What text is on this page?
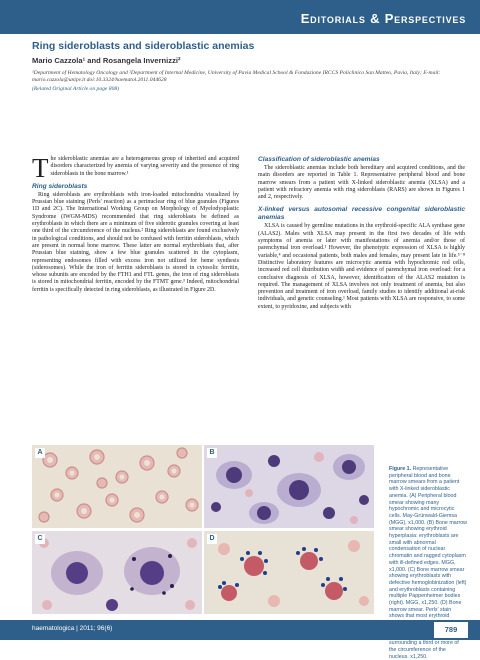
Editorials & Perspectives
Ring sideroblasts and sideroblastic anemias
Mario Cazzola¹ and Rosangela Invernizzi²
¹Department of Hematology Oncology and ²Department of Internal Medicine, University of Pavia Medical School & Fondazione IRCCS Policlinico San Matteo, Pavia, Italy; E-mail: mario.cazzola@unipv.it doi:10.3324/haematol.2011.044628
(Related Original Article on page 808)

The sideroblastic anemias are a heterogeneous group of inherited and acquired disorders characterized by anemia of varying severity and the presence of ring sideroblasts in the bone marrow.¹

Ring sideroblasts

Ring sideroblasts are erythroblasts with iron-loaded mitochondria visualized by Prussian blue staining (Perls' reaction) as a perinuclear ring of blue granules (Figures 1D and 2C). The International Working Group on Morphology of Myelodysplastic Syndrome (IWGM-MDS) recommended that ring sideroblasts be defined as erythroblasts in which there are a minimum of five siderotic granules covering at least one third of the circumference of the nucleus.² Ring sideroblasts are found exclusively in pathological conditions, and should not be confused with ferritin sideroblasts, which are present in normal bone marrow. These latter are normal erythroblasts that, after Prussian blue staining, show a few blue granules scattered in the cytoplasm, representing endosomes filled with excess iron not utilized for heme synthesis (siderosomes). While the iron of ferritin sideroblasts is stored in cytosolic ferritin, whose subunits are encoded by the FTH1 and FTL genes, the iron of ring sideroblasts is stored in mitochondrial ferritin, encoded by the FTMT gene.³ Indeed, mitochondrial ferritin is specifically detected in ring sideroblasts, as illustrated in Figure 2D.

Classification of sideroblastic anemias

The sideroblastic anemias include both hereditary and acquired conditions, and the main disorders are reported in Table 1. Representative peripheral blood and bone marrow smears from a patient with X-linked sideroblastic anemia (XLSA) and a patient with refractory anemia with ring sideroblasts (RARS) are shown in Figures 1 and 2, respectively.

X-linked versus autosomal recessive congenital sideroblastic anemias

XLSA is caused by germline mutations in the erythroid-specific ALA synthase gene (ALAS2). Males with XLSA may present in the first two decades of life with symptoms of anemia or later with manifestations of anemia and/or those of parenchymal iron overload.¹ However, the phenotypic expression of XLSA is highly variable,⁴ and occasional patients, both males and females, may present late in life.⁵⁻⁸ Distinctive laboratory features are microcytic anemia with hypochromic red cells, increased red cell distribution width and evidence of parenchymal iron overload: for a conclusive diagnosis of XLSA, however, identification of the ALAS2 mutation is required. The management of XLSA involves not only treatment of anemia, but also prevention and treatment of iron overload, family studies to identify additional at-risk individuals, and genetic counseling.¹ Most patients with XLSA are responsive, to some extent, to pyridoxine, and subjects with

A	B
C	D
Figure 1. Representative peripheral blood and bone marrow smears from a patient with X-linked sideroblastic anemia. (A) Peripheral blood smear showing many hypochromic and microcytic cells. May-Grünwald-Giemsa (MGG), x1,000. (B) Bone marrow smear showing erythroid hyperplasia: erythroblasts are small with abnormal condensation of nuclear chromatin and ragged cytoplasm with ill-defined edges. MGG, x1,000. (C) Bone marrow smear showing erythroblasts with defective hemoglobinization (left) and erythroblasts containing multiple Pappenheimer bodies (right). MGG, x1,250. (D) Bone marrow smear. Perls' stain shows that most erythroid surrounding a third or more of the circumference of the nucleus. x1,250.
haematologica | 2011; 96(6)	789
